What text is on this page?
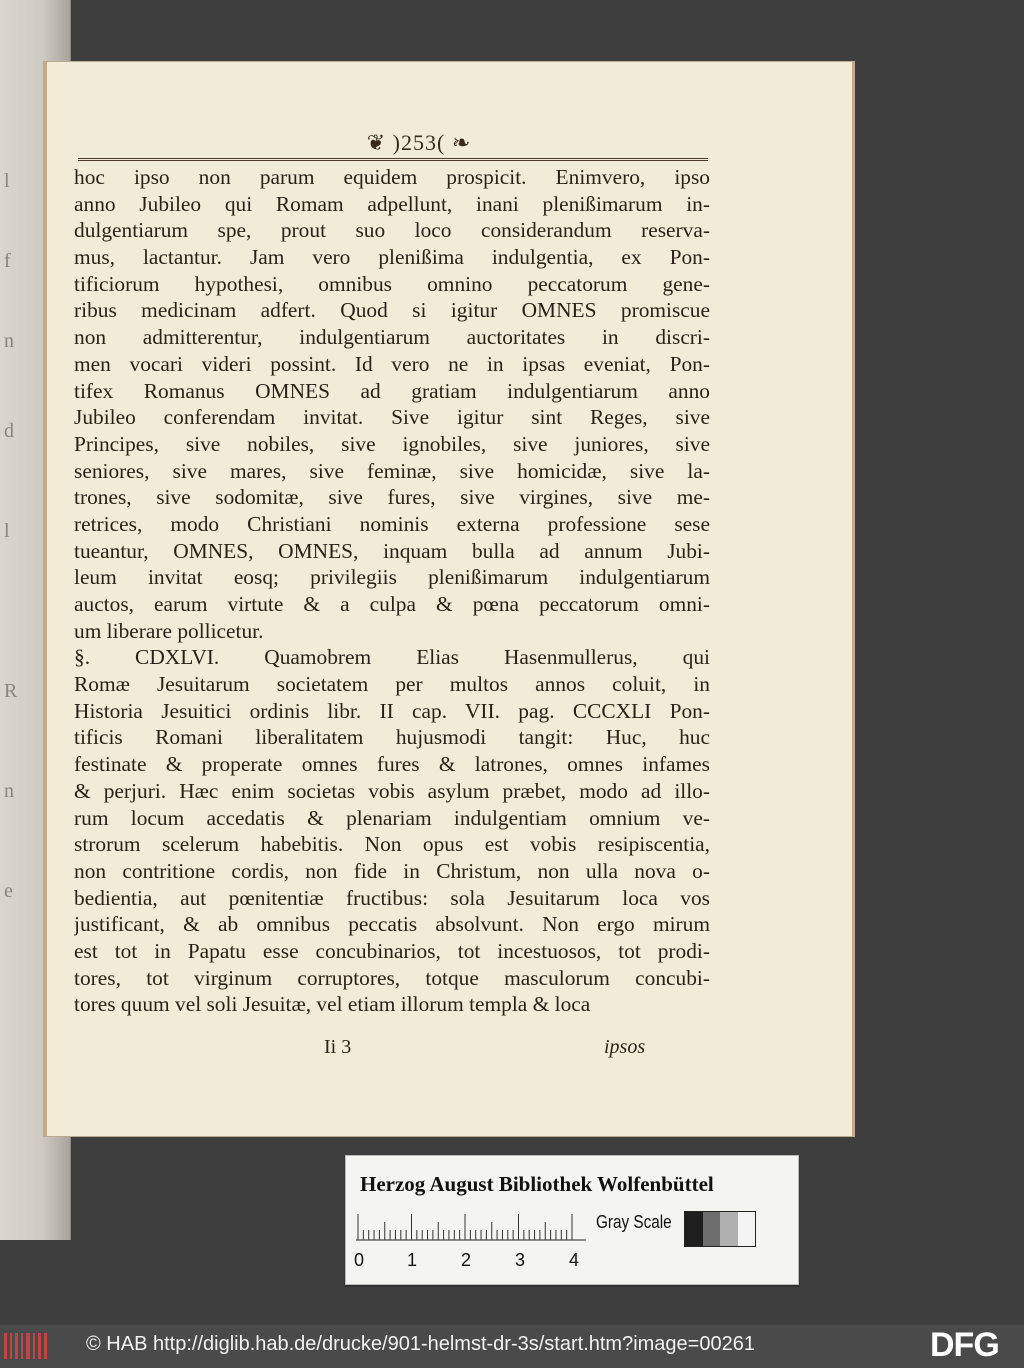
l
f
n
d
l
R
n
e
❦ )253( ❧
hoc ipso non parum equidem prospicit. Enimvero, ipso
anno Jubileo qui Romam adpellunt, inani plenißimarum in-
dulgentiarum spe, prout suo loco considerandum reserva-
mus, lactantur. Jam vero plenißima indulgentia, ex Pon-
tificiorum hypothesi, omnibus omnino peccatorum gene-
ribus medicinam adfert. Quod si igitur OMNES promiscue
non admitterentur, indulgentiarum auctoritates in discri-
men vocari videri possint. Id vero ne in ipsas eveniat, Pon-
tifex Romanus OMNES ad gratiam indulgentiarum anno
Jubileo conferendam invitat. Sive igitur sint Reges, sive
Principes, sive nobiles, sive ignobiles, sive juniores, sive
seniores, sive mares, sive feminæ, sive homicidæ, sive la-
trones, sive sodomitæ, sive fures, sive virgines, sive me-
retrices, modo Christiani nominis externa professione sese
tueantur, OMNES, OMNES, inquam bulla ad annum Jubi-
leum invitat eosq; privilegiis plenißimarum indulgentiarum
auctos, earum virtute & a culpa & pœna peccatorum omni-
um liberare pollicetur.
§. CDXLVI. Quamobrem Elias Hasenmullerus, qui
Romæ Jesuitarum societatem per multos annos coluit, in
Historia Jesuitici ordinis libr. II cap. VII. pag. CCCXLI Pon-
tificis Romani liberalitatem hujusmodi tangit: Huc, huc
festinate & properate omnes fures & latrones, omnes infames
& perjuri. Hæc enim societas vobis asylum præbet, modo ad illo-
rum locum accedatis & plenariam indulgentiam omnium ve-
strorum scelerum habebitis. Non opus est vobis resipiscentia,
non contritione cordis, non fide in Christum, non ulla nova o-
bedientia, aut pœnitentiæ fructibus: sola Jesuitarum loca vos
justificant, & ab omnibus peccatis absolvunt. Non ergo mirum
est tot in Papatu esse concubinarios, tot incestuosos, tot prodi-
tores, tot virginum corruptores, totque masculorum concubi-
tores quum vel soli Jesuitæ, vel etiam illorum templa & loca
Ii 3	ipsos
Herzog August Bibliothek Wolfenbüttel
0 1 2 3 4
Gray Scale
© HAB http://diglib.hab.de/drucke/901-helmst-dr-3s/start.htm?image=00261	DFG
